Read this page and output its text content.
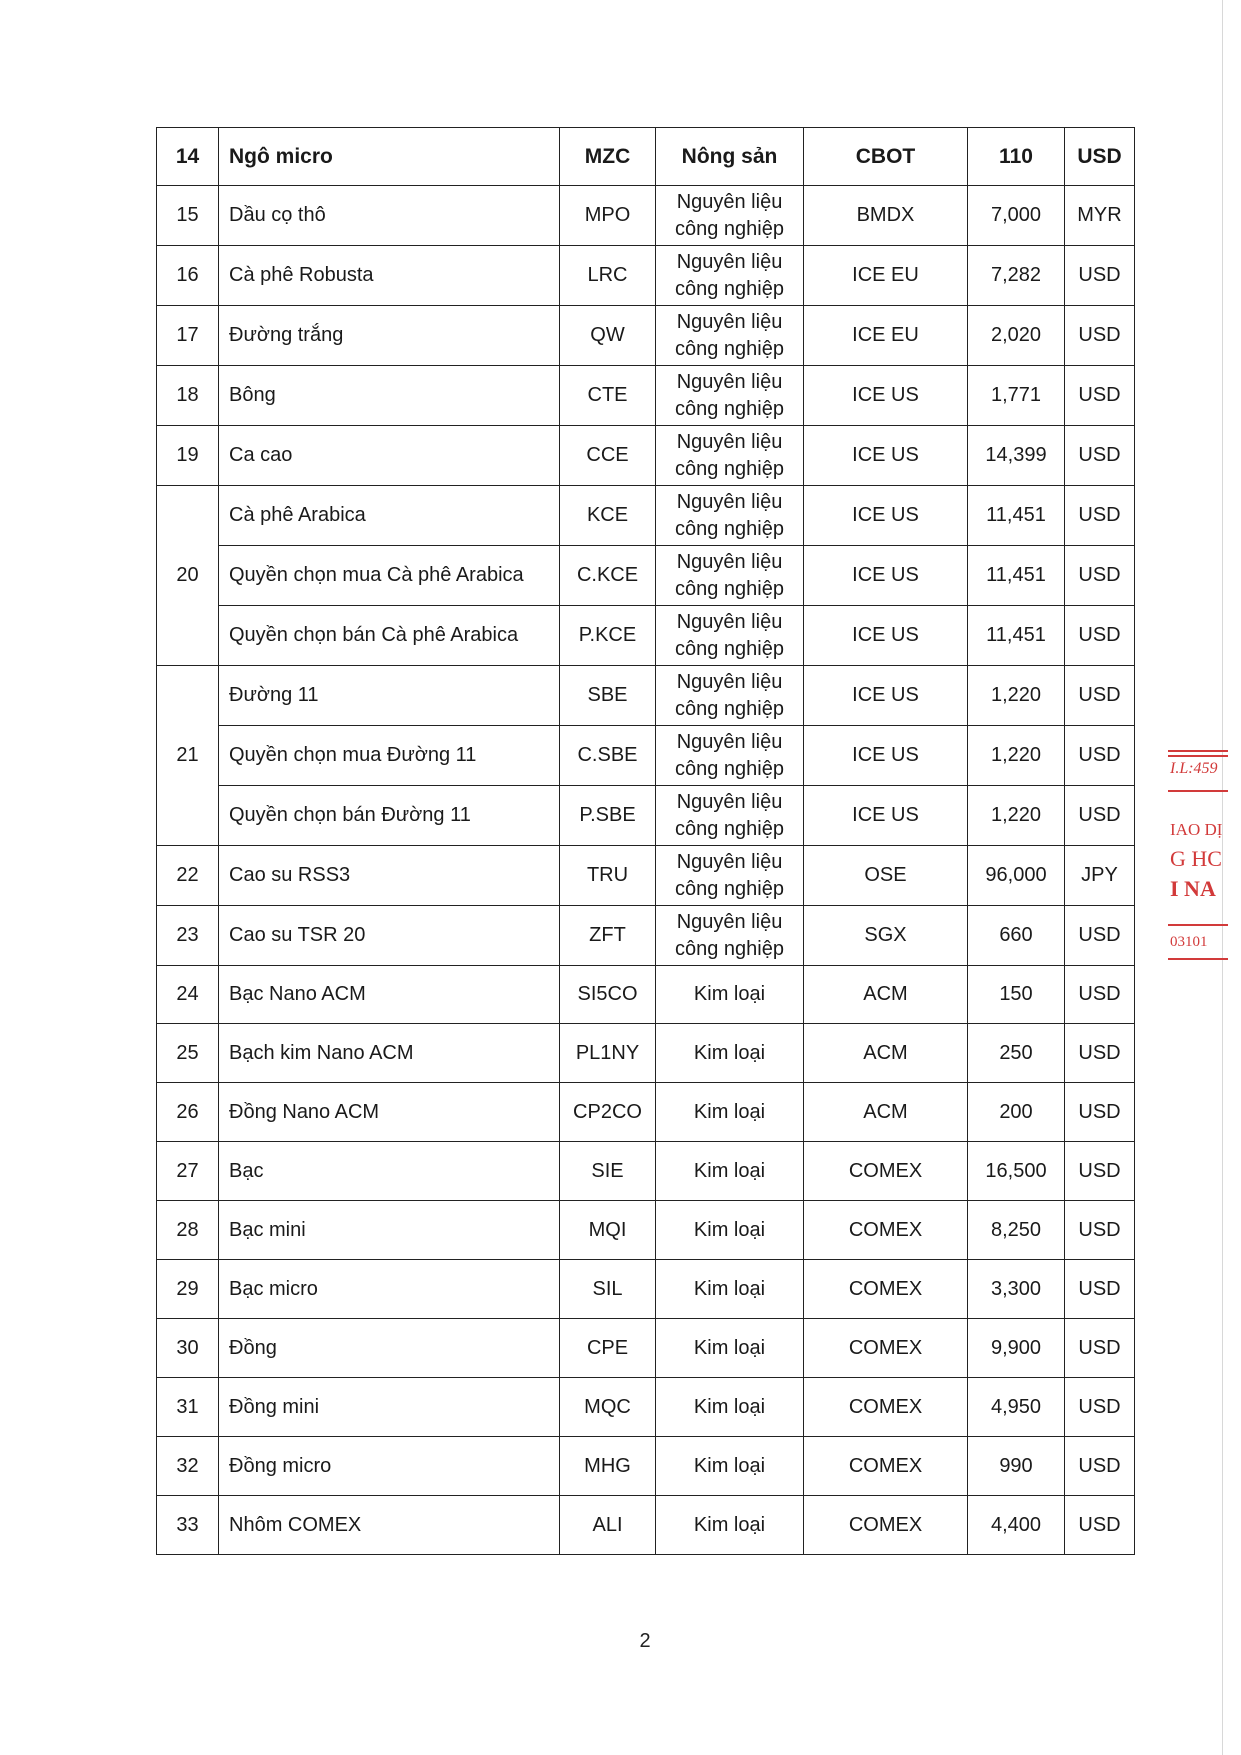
14	Ngô micro	MZC	Nông sản	CBOT	110	USD
15	Dầu cọ thô	MPO	Nguyên liệu công nghiệp	BMDX	7,000	MYR
16	Cà phê Robusta	LRC	Nguyên liệu công nghiệp	ICE EU	7,282	USD
17	Đường trắng	QW	Nguyên liệu công nghiệp	ICE EU	2,020	USD
18	Bông	CTE	Nguyên liệu công nghiệp	ICE US	1,771	USD
19	Ca cao	CCE	Nguyên liệu công nghiệp	ICE US	14,399	USD
20	Cà phê Arabica	KCE	Nguyên liệu công nghiệp	ICE US	11,451	USD
	Quyền chọn mua Cà phê Arabica	C.KCE	Nguyên liệu công nghiệp	ICE US	11,451	USD
	Quyền chọn bán Cà phê Arabica	P.KCE	Nguyên liệu công nghiệp	ICE US	11,451	USD
21	Đường 11	SBE	Nguyên liệu công nghiệp	ICE US	1,220	USD
	Quyền chọn mua Đường 11	C.SBE	Nguyên liệu công nghiệp	ICE US	1,220	USD
	Quyền chọn bán Đường 11	P.SBE	Nguyên liệu công nghiệp	ICE US	1,220	USD
22	Cao su RSS3	TRU	Nguyên liệu công nghiệp	OSE	96,000	JPY
23	Cao su TSR 20	ZFT	Nguyên liệu công nghiệp	SGX	660	USD
24	Bạc Nano ACM	SI5CO	Kim loại	ACM	150	USD
25	Bạch kim Nano ACM	PL1NY	Kim loại	ACM	250	USD
26	Đồng Nano ACM	CP2CO	Kim loại	ACM	200	USD
27	Bạc	SIE	Kim loại	COMEX	16,500	USD
28	Bạc mini	MQI	Kim loại	COMEX	8,250	USD
29	Bạc micro	SIL	Kim loại	COMEX	3,300	USD
30	Đồng	CPE	Kim loại	COMEX	9,900	USD
31	Đồng mini	MQC	Kim loại	COMEX	4,950	USD
32	Đồng micro	MHG	Kim loại	COMEX	990	USD
33	Nhôm COMEX	ALI	Kim loại	COMEX	4,400	USD
2
I.L:459
IAO DỊ
G HC
I NA
03101
